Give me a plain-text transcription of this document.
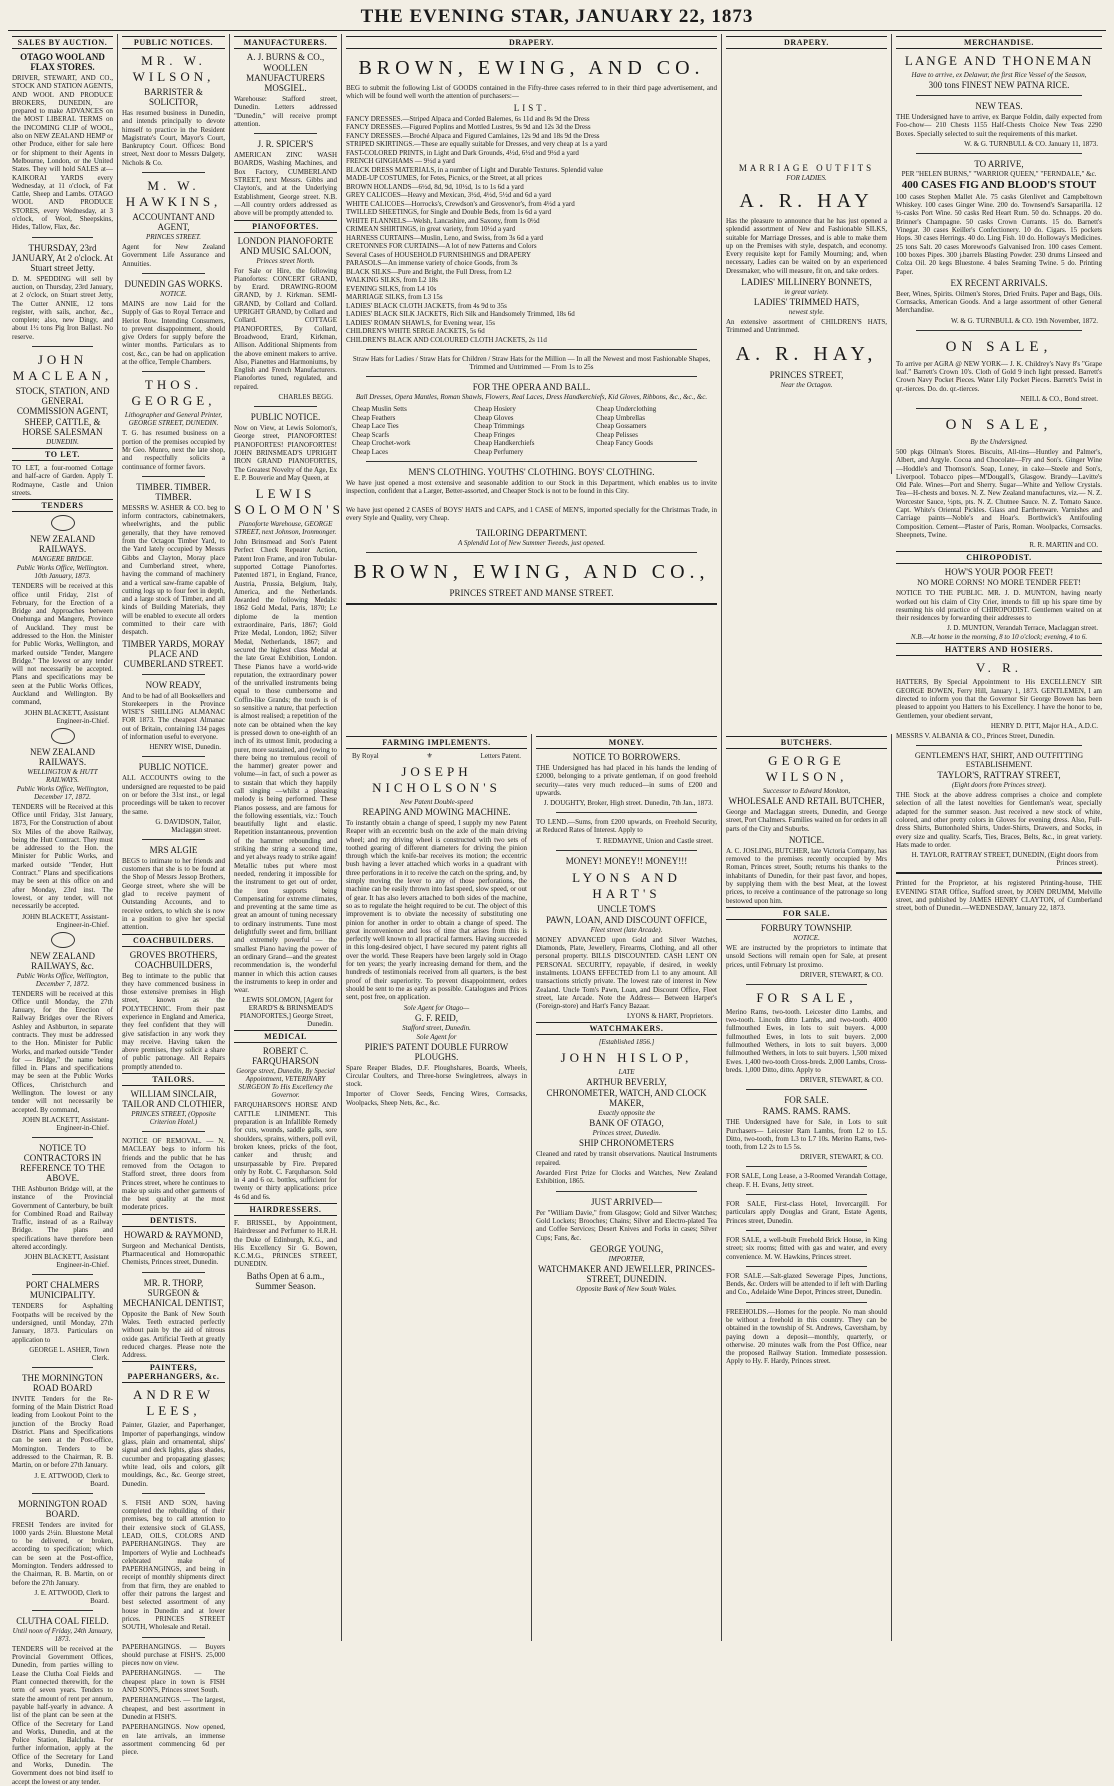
THE EVENING STAR, JANUARY 22, 1873
SALES BY AUCTION.
OTAGO WOOL AND FLAX STORES.
DRIVER, STEWART, AND CO., STOCK AND STATION AGENTS, AND WOOL AND PRODUCE BROKERS, DUNEDIN, are prepared to make ADVANCES on the MOST LIBERAL TERMS on the INCOMING CLIP of WOOL, also on NEW ZEALAND HEMP or other Produce, either for sale here or for shipment to their Agents in Melbourne, London, or the United States. They will hold SALES at— KAIKORAI YARDS every Wednesday, at 11 o'clock, of Fat Cattle, Sheep and Lambs. OTAGO WOOL AND PRODUCE STORES, every Wednesday, at 3 o'clock, of Wool, Sheepskins, Hides, Tallow, Flax, &c.
THURSDAY, 23rd JANUARY, At 2 o'clock. At Stuart street Jetty.
D. M. SPEDDING will sell by auction, on Thursday, 23rd January, at 2 o'clock, on Stuart street Jetty, The Cutter ANNIE, 12 tons register, with sails, anchor, &c., complete; also, new Dingy, and about 1½ tons Pig Iron Ballast. No reserve.
JOHN MACLEAN,
STOCK, STATION, AND GENERAL COMMISSION AGENT,
SHEEP, CATTLE, & HORSE SALESMAN
DUNEDIN.
TO LET.
TO LET, a four-roomed Cottage and half-acre of Garden. Apply T. Rodmayne, Castle and Union streets.
TENDERS
NEW ZEALAND RAILWAYS.
MANGERE BRIDGE.
Public Works Office, Wellington. 10th January, 1873.
TENDERS will be received at this office until Friday, 21st of February, for the Erection of a Bridge and Approaches between Onehunga and Mangere, Province of Auckland. They must be addressed to the Hon. the Minister for Public Works, Wellington, and marked outside "Tender, Mangere Bridge." The lowest or any tender will not necessarily be accepted. Plans and specifications may be seen at the Public Works Offices, Auckland and Wellington. By command,
JOHN BLACKETT, Assistant Engineer-in-Chief.
NEW ZEALAND RAILWAYS.
WELLINGTON & HUTT RAILWAYS.
Public Works Office, Wellington, December 17, 1872.
TENDERS will be Received at this Office until Friday, 31st January, 1873, For the Construction of about Six Miles of the above Railway, being the Hutt Contract. They must be addressed to the Hon. the Minister for Public Works, and marked outside "Tender, Hutt Contract." Plans and specifications may be seen at this office on and after Monday, 23rd inst. The lowest, or any tender, will not necessarily be accepted.
JOHN BLACKETT, Assistant-Engineer-in-Chief.
NEW ZEALAND RAILWAYS, &c.
Public Works Office, Wellington, December 7, 1872.
TENDERS will be received at this Office until Monday, the 27th January, for the Erection of Railway Bridges over the Rivers Ashley and Ashburton, in separate contracts. They must be addressed to the Hon. Minister for Public Works, and marked outside "Tender for — Bridge," the name being filled in. Plans and specifications may be seen at the Public Works Offices, Christchurch and Wellington. The lowest or any tender will not necessarily be accepted. By command,
JOHN BLACKETT, Assistant-Engineer-in-Chief.
NOTICE TO CONTRACTORS IN REFERENCE TO THE ABOVE.
THE Ashburton Bridge will, at the instance of the Provincial Government of Canterbury, be built for Combined Road and Railway Traffic, instead of as a Railway Bridge. The plans and specifications have therefore been altered accordingly.
JOHN BLACKETT, Assistant Engineer-in-Chief.
PORT CHALMERS MUNICIPALITY.
TENDERS for Asphalting Footpaths will be received by the undersigned, until Monday, 27th January, 1873. Particulars on application to
GEORGE L. ASHER, Town Clerk.
THE MORNINGTON ROAD BOARD
INVITE Tenders for the Re-forming of the Main District Road leading from Lookout Point to the junction of the Brocky Road District. Plans and Specifications can be seen at the Post-office, Mornington. Tenders to be addressed to the Chairman, R. B. Martin, on or before 27th January.
J. E. ATTWOOD, Clerk to Board.
MORNINGTON ROAD BOARD.
FRESH Tenders are invited for 1000 yards 2½in. Bluestone Metal to be delivered, or broken, according to specification; which can be seen at the Post-office, Mornington. Tenders addressed to the Chairman, R. B. Martin, on or before the 27th January.
J. E. ATTWOOD, Clerk to Board.
CLUTHA COAL FIELD.
Until noon of Friday, 24th January, 1873.
TENDERS will be received at the Provincial Government Offices, Dunedin, from parties willing to Lease the Clutha Coal Fields and Plant connected therewith, for the term of seven years. Tenders to state the amount of rent per annum, payable half-yearly in advance. A list of the plant can be seen at the Office of the Secretary for Land and Works, Dunedin, and at the Police Station, Balclutha. For further information, apply at the Office of the Secretary for Land and Works, Dunedin. The Government does not bind itself to accept the lowest or any tender.
PUBLIC NOTICES.
MR. W. WILSON,
BARRISTER & SOLICITOR,
Has resumed business in Dunedin, and intends principally to devote himself to practice in the Resident Magistrate's Court, Mayor's Court, Bankruptcy Court. Offices: Bond street, Next door to Messrs Dalgety, Nichols & Co.
M. W. HAWKINS,
ACCOUNTANT AND AGENT,
PRINCES STREET.
Agent for New Zealand Government Life Assurance and Annuities.
DUNEDIN GAS WORKS.
NOTICE.
MAINS are now Laid for the Supply of Gas to Royal Terrace and Heriot Row. Intending Consumers, to prevent disappointment, should give Orders for supply before the winter months. Particulars as to cost, &c., can be had on application at the office, Temple Chambers.
THOS. GEORGE,
Lithographer and General Printer, GEORGE STREET, DUNEDIN.
T. G. has resumed business on a portion of the premises occupied by Mr Geo. Munro, next the late shop, and respectfully solicits a continuance of former favors.
TIMBER. TIMBER. TIMBER.
MESSRS W. ASHER & CO. beg to inform contractors, cabinetmakers, wheelwrights, and the public generally, that they have removed from the Octagon Timber Yard, to the Yard lately occupied by Messrs Gibbs and Clayton, Moray place and Cumberland street, where, having the command of machinery and a vertical saw-frame capable of cutting logs up to four feet in depth, and a large stock of Timber, and all kinds of Building Materials, they will be enabled to execute all orders committed to their care with despatch.
TIMBER YARDS, MORAY PLACE AND CUMBERLAND STREET.
NOW READY,
And to be had of all Booksellers and Storekeepers in the Province WISE'S SHILLING ALMANAC FOR 1873. The cheapest Almanac out of Britain, containing 134 pages of information useful to everyone.
HENRY WISE, Dunedin.
PUBLIC NOTICE.
ALL ACCOUNTS owing to the undersigned are requested to be paid on or before the 31st inst., or legal proceedings will be taken to recover the same.
G. DAVIDSON, Tailor, Maclaggan street.
MRS ALGIE
BEGS to intimate to her friends and customers that she is to be found at the Shop of Messrs Jessop Brothers, George street, where she will be glad to receive payment of Outstanding Accounts, and to receive orders, to which she is now in a position to give her special attention.
COACHBUILDERS.
GROVES BROTHERS, COACHBUILDERS,
Beg to intimate to the public that they have commenced business in those extensive premises in High street, known as the POLYTECHNIC. From their past experience in England and America, they feel confident that they will give satisfaction in any work they may receive. Having taken the above premises, they solicit a share of public patronage. All Repairs promptly attended to.
TAILORS.
WILLIAM SINCLAIR, TAILOR AND CLOTHIER,
PRINCES STREET, (Opposite Criterion Hotel.)
NOTICE OF REMOVAL. — N. MACLEAY begs to inform his friends and the public that he has removed from the Octagon to Stafford street, three doors from Princes street, where he continues to make up suits and other garments of the best quality at the most moderate prices.
DENTISTS.
HOWARD & RAYMOND,
Surgeon and Mechanical Dentists, Pharmaceutical and Homœopathic Chemists, Princes street, Dunedin.
MR. R. THORP, SURGEON & MECHANICAL DENTIST,
Opposite the Bank of New South Wales. Teeth extracted perfectly without pain by the aid of nitrous oxide gas. Artificial Teeth at greatly reduced charges. Please note the Address.
PAINTERS, PAPERHANGERS, &c.
ANDREW LEES,
Painter, Glazier, and Paperhanger, Importer of paperhangings, window glass, plain and ornamental, ships' signal and deck lights, glass shades, cucumber and propagating glasses; white lead, oils and colors, gilt mouldings, &c., &c. George street, Dunedin.
S. FISH AND SON, having completed the rebuilding of their premises, beg to call attention to their extensive stock of GLASS, LEAD, OILS, COLORS AND PAPERHANGINGS. They are Importers of Wylie and Lochhead's celebrated make of PAPERHANGINGS, and being in receipt of monthly shipments direct from that firm, they are enabled to offer their patrons the largest and best selected assortment of any house in Dunedin and at lower prices. PRINCES STREET SOUTH, Wholesale and Retail.
PAPERHANGINGS. — Buyers should purchase at FISH'S. 25,000 pieces now on view.
PAPERHANGINGS. — The cheapest place in town is FISH AND SON'S, Princes street South.
PAPERHANGINGS. — The largest, cheapest, and best assortment in Dunedin at FISH'S.
PAPERHANGINGS. Now opened, en late arrivals, an immense assortment commencing 6d per piece.
MANUFACTURERS.
A. J. BURNS & CO.,
WOOLLEN MANUFACTURERS MOSGIEL.
Warehouse: Stafford street, Dunedin. Letters addressed "Dunedin," will receive prompt attention.
J. R. SPICER'S
AMERICAN ZINC WASH BOARDS, Washing Machines, and Box Factory, CUMBERLAND STREET, next Messrs. Gibbs and Clayton's, and at the Underlying Establishment, George street. N.B.—All country orders addressed as above will be promptly attended to.
PIANOFORTES.
LONDON PIANOFORTE AND MUSIC SALOON,
Princes street North.
For Sale or Hire, the following Pianofortes: CONCERT GRAND, by Erard. DRAWING-ROOM GRAND, by J. Kirkman. SEMI-GRAND, by Collard and Collard. UPRIGHT GRAND, by Collard and Collard. COTTAGE PIANOFORTES, By Collard, Broadwood, Erard, Kirkman, Allison. Additional Shipments from the above eminent makers to arrive. Also, Pianettes and Harmoniums, by English and French Manufacturers. Pianofortes tuned, regulated, and repaired.
CHARLES BEGG.
PUBLIC NOTICE.
Now on View, at Lewis Solomon's, George street, PIANOFORTES! PIANOFORTES! PIANOFORTES! JOHN BRINSMEAD'S UPRIGHT IRON GRAND PIANOFORTES, The Greatest Novelty of the Age, Ex E. P. Bouverie and May Queen, at
LEWIS SOLOMON'S
Pianoforte Warehouse, GEORGE STREET, next Johnson, Ironmonger.
John Brinsmead and Son's Patent Perfect Check Repeater Action, Patent Iron Frame, and iron Tubular-supported Cottage Pianofortes. Patented 1871, in England, France, Austria, Prussia, Belgium, Italy, America, and the Netherlands. Awarded the following Medals: 1862 Gold Medal, Paris, 1870; Le diplome de la mention extraordinaire, Paris, 1867; Gold Prize Medal, London, 1862; Silver Medal, Netherlands, 1867; and secured the highest class Medal at the late Great Exhibition, London. These Pianos have a world-wide reputation, the extraordinary power of the unrivalled instruments being equal to those cumbersome and Coffin-like Grands; the touch is of so sensitive a nature, that perfection is almost realised; a repetition of the note can be obtained when the key is pressed down to one-eighth of an inch of its utmost limit, producing a purer, more sustained, and (owing to there being no tremulous recoil of the hammer) greater power and volume—in fact, of such a power as to sustain that which they happily call singing —whilst a pleasing melody is being performed. These Pianos possess, and are famous for the following essentials, viz.: Touch beautifully light and elastic. Repetition instantaneous, prevention of the hammer rebounding and striking the string a second time, and yet always ready to strike again! Metallic tubes put where most needed, rendering it impossible for the instrument to get out of order, the iron supports being Compensating for extreme climates, and preventing at the same time as great an amount of tuning necessary to ordinary instruments. Tune most delightfully sweet and firm, brilliant and extremely powerful — the smallest Piano having the power of an ordinary Grand—and the greatest recommendation is, the wonderful manner in which this action causes the instruments to keep in order and wear.
LEWIS SOLOMON, [Agent for ERARD'S & BRINSMEAD'S PIANOFORTES,] George Street, Dunedin.
MEDICAL
ROBERT C. FARQUHARSON
George street, Dunedin, By Special Appointment, VETERINARY SURGEON To His Excellency the Governor.
FARQUHARSON'S HORSE AND CATTLE LINIMENT. This preparation is an Infallible Remedy for cuts, wounds, saddle galls, sore shoulders, sprains, withers, poll evil, broken knees, pricks of the foot, canker and thrush; and unsurpassable by Fire. Prepared only by Robt. C. Farquharson. Sold in 4 and 6 oz. bottles, sufficient for twenty or thirty applications: price 4s 6d and 6s.
HAIRDRESSERS.
F. BRISSEL, by Appointment, Hairdresser and Perfumer to H.R.H. the Duke of Edinburgh, K.G., and His Excellency Sir G. Bowen, K.C.M.G., PRINCES STREET, DUNEDIN.
Baths Open at 6 a.m., Summer Season.
DRAPERY.
BROWN, EWING, AND CO.
BEG to submit the following List of GOODS contained in the Fifty-three cases referred to in their third page advertisement, and which will be found well worth the attention of purchasers:—
LIST.
FANCY DRESSES.—Striped Alpaca and Corded Balernes, 6s 11d and 8s 9d the Dress
FANCY DRESSES.—Figured Poplins and Mottled Lustres, 9s 9d and 12s 3d the Dress
FANCY DRESSES.—Broché Alpaca and Figured Camlaines, 12s 9d and 18s 9d the Dress
STRIPED SKIRTINGS.—These are equally suitable for Dresses, and very cheap at 1s a yard
FAST-COLORED PRINTS, in Light and Dark Grounds, 4½d, 6½d and 9½d a yard
FRENCH GINGHAMS — 9½d a yard
BLACK DRESS MATERIALS, in a number of Light and Durable Textures. Splendid value
MADE-UP COSTUMES, for Fetes, Picnics, or the Street, at all prices
BROWN HOLLANDS—6½d, 8d, 9d, 10½d, 1s to 1s 6d a yard
GREY CALICOES—Heavy and Mexican, 3½d, 4½d, 5½d and 6d a yard
WHITE CALICOES—Horrocks's, Crewdson's and Grosvenor's, from 4½d a yard
TWILLED SHEETINGS, for Single and Double Beds, from 1s 6d a yard
WHITE FLANNELS—Welsh, Lancashire, and Saxony, from 1s 0½d
CRIMEAN SHIRTINGS, in great variety, from 10½d a yard
HARNESS CURTAINS—Muslin, Leno, and Swiss, from 3s 6d a yard
CRETONNES FOR CURTAINS—A lot of new Patterns and Colors
Several Cases of HOUSEHOLD FURNISHINGS and DRAPERY
PARASOLS—An immense variety of choice Goods, from 3s
BLACK SILKS—Pure and Bright, the Full Dress, from L2
WALKING SILKS, from L2 18s
EVENING SILKS, from L4 10s
MARRIAGE SILKS, from L3 15s
LADIES' BLACK CLOTH JACKETS, from 4s 9d to 35s
LADIES' BLACK SILK JACKETS, Rich Silk and Handsomely Trimmed, 18s 6d
LADIES' ROMAN SHAWLS, for Evening wear, 15s
CHILDREN'S WHITE SERGE JACKETS, 5s 6d
CHILDREN'S BLACK AND COLOURED CLOTH JACKETS, 2s 11d
Straw Hats for Ladies / Straw Hats for Children / Straw Hats for the Million — In all the Newest and most Fashionable Shapes, Trimmed and Untrimmed — From 1s to 25s
FOR THE OPERA AND BALL.
Ball Dresses, Opera Mantles, Roman Shawls, Flowers, Real Laces, Dress Handkerchiefs, Kid Gloves, Ribbons, &c., &c., &c.
Cheap Muslin Setts
Cheap Feathers
Cheap Lace Ties
Cheap Scarfs
Cheap Crochet-work
Cheap Laces
Cheap Hosiery
Cheap Gloves
Cheap Trimmings
Cheap Fringes
Cheap Handkerchiefs
Cheap Perfumery
Cheap Underclothing
Cheap Umbrellas
Cheap Gossamers
Cheap Pelisses
Cheap Fancy Goods
MEN'S CLOTHING. YOUTHS' CLOTHING. BOYS' CLOTHING.
We have just opened a most extensive and seasonable addition to our Stock in this Department, which enables us to invite inspection, confident that a Larger, Better-assorted, and Cheaper Stock is not to be found in this City.
We have just opened 2 CASES of BOYS' HATS and CAPS, and 1 CASE of MEN'S, imported specially for the Christmas Trade, in every Style and Quality, very Cheap.
TAILORING DEPARTMENT.
A Splendid Lot of New Summer Tweeds, just opened.
BROWN, EWING, AND CO.,
PRINCES STREET AND MANSE STREET.
DRAPERY.
MARRIAGE OUTFITS
FOR LADIES.
A. R. HAY
Has the pleasure to announce that he has just opened a splendid assortment of New and Fashionable SILKS, suitable for Marriage Dresses, and is able to make them up on the Premises with style, despatch, and economy. Every requisite kept for Family Mourning; and, when necessary, Ladies can be waited on by an experienced Dressmaker, who will measure, fit on, and take orders.
LADIES' MILLINERY BONNETS,
in great variety.
LADIES' TRIMMED HATS,
newest style.
An extensive assortment of CHILDREN'S HATS, Trimmed and Untrimmed.
A. R. HAY,
PRINCES STREET,
Near the Octagon.
FARMING IMPLEMENTS.
By Royal	⚜	Letters Patent.
JOSEPH NICHOLSON'S
New Patent Double-speed
REAPING AND MOWING MACHINE.
To instantly obtain a change of speed, I supply my new Patent Reaper with an eccentric bush on the axle of the main driving wheel; and my driving wheel is constructed with two sets of toothed gearing of different diameters for driving the pinion through which the knife-bar receives its motion; the eccentric bush having a lever attached which works in a quadrant with three perforations in it to receive the catch on the spring, and, by simply moving the lever to any of those perforations, the machine can be easily thrown into fast speed, slow speed, or out of gear. It has also levers attached to both sides of the machine, so as to regulate the height required to be cut. The object of this improvement is to obviate the necessity of substituting one pinion for another in order to obtain a change of speed. The great inconvenience and loss of time that arises from this is perfectly well known to all practical farmers. Having succeeded in this long-desired object, I have secured my patent rights all over the world. These Reapers have been largely sold in Otago for ten years; the yearly increasing demand for them, and the hundreds of testimonials received from all quarters, is the best proof of their superiority. To prevent disappointment, orders should be sent to me as early as possible. Catalogues and Prices sent, post free, on application.
Sole Agent for Otago—
G. F. REID,
Stafford street, Dunedin.
Sole Agent for
PIRIE'S PATENT DOUBLE FURROW PLOUGHS.
Spare Reaper Blades, D.F. Ploughshares, Boards, Wheels, Circular Coulters, and Three-horse Swingletrees, always in stock.
Importer of Clover Seeds, Fencing Wires, Cornsacks, Woolpacks, Sheep Nets, &c., &c.
MONEY.
NOTICE TO BORROWERS.
THE Undersigned has had placed in his hands the lending of £2000, belonging to a private gentleman, if on good freehold security—rates very much reduced—in sums of £200 and upwards.
J. DOUGHTY, Broker, High street. Dunedin, 7th Jan., 1873.
TO LEND.—Sums, from £200 upwards, on Freehold Security, at Reduced Rates of Interest. Apply to
T. REDMAYNE, Union and Castle street.
MONEY! MONEY!! MONEY!!!
LYONS AND HART'S
UNCLE TOM'S
PAWN, LOAN, AND DISCOUNT OFFICE,
Fleet street (late Arcade).
MONEY ADVANCED upon Gold and Silver Watches, Diamonds, Plate, Jewellery, Firearms, Clothing, and all other personal property. BILLS DISCOUNTED. CASH LENT ON PERSONAL SECURITY, repayable, if desired, in weekly instalments. LOANS EFFECTED from L1 to any amount. All transactions strictly private. The lowest rate of interest in New Zealand. Uncle Tom's Pawn, Loan, and Discount Office, Fleet street, late Arcade. Note the Address— Between Harper's (Foreign-store) and Hart's Fancy Bazaar.
LYONS & HART, Proprietors.
WATCHMAKERS.
[Established 1856.]
JOHN HISLOP,
LATE
ARTHUR BEVERLY,
CHRONOMETER, WATCH, AND CLOCK MAKER,
Exactly opposite the
BANK OF OTAGO,
Princes street, Dunedin.
SHIP CHRONOMETERS
Cleaned and rated by transit observations. Nautical Instruments repaired.
Awarded First Prize for Clocks and Watches, New Zealand Exhibition, 1865.
JUST ARRIVED—
Per "William Davie," from Glasgow; Gold and Silver Watches; Gold Lockets; Brooches; Chains; Silver and Electro-plated Tea and Coffee Services; Desert Knives and Forks in cases; Silver Cups; Fans, &c.
GEORGE YOUNG,
IMPORTER,
WATCHMAKER AND JEWELLER, PRINCES-STREET, DUNEDIN.
Opposite Bank of New South Wales.
BUTCHERS.
GEORGE WILSON,
Successor to Edward Monkton,
WHOLESALE AND RETAIL BUTCHER,
George and Maclaggan streets, Dunedin, and George street, Port Chalmers. Families waited on for orders in all parts of the City and Suburbs.
NOTICE.
A. C. JOSLING, BUTCHER, late Victoria Company, has removed to the premises recently occupied by Mrs Roman, Princes street, South; returns his thanks to the inhabitants of Dunedin, for their past favor, and hopes, by supplying them with the best Meat, at the lowest prices, to receive a continuance of the patronage so long bestowed upon him.
FOR SALE.
FORBURY TOWNSHIP.
NOTICE.
WE are instructed by the proprietors to intimate that unsold Sections will remain open for Sale, at present prices, until February 1st proximo.
DRIVER, STEWART, & CO.
FOR SALE,
Merino Rams, two-tooth. Leicester ditto Lambs, and two-tooth. Lincoln ditto Lambs, and two-tooth. 4000 fullmouthed Ewes, in lots to suit buyers. 4,000 fullmouthed Ewes, in lots to suit buyers. 2,000 fullmouthed Wethers, in lots to suit buyers. 3,000 fullmouthed Wethers, in lots to suit buyers. 1,500 mixed Ewes. 1,400 two-tooth Cross-breds. 2,000 Lambs, Cross-breds. 1,000 Ditto, ditto. Apply to
DRIVER, STEWART, & CO.
FOR SALE.
RAMS. RAMS. RAMS.
THE Undersigned have for Sale, in Lots to suit Purchasers— Leicester Ram Lambs, from L2 to L5. Ditto, two-tooth, from L3 to L7 10s. Merino Rams, two-tooth, from L2 2s to L5 5s.
DRIVER, STEWART, & CO.
FOR SALE, Long Lease, a 3-Roomed Verandah Cottage, cheap. F. H. Evans, Jetty street.
FOR SALE, First-class Hotel, Invercargill. For particulars apply Douglas and Grant, Estate Agents, Princes street, Dunedin.
FOR SALE, a well-built Freehold Brick House, in King street; six rooms; fitted with gas and water, and every convenience. M. W. Hawkins, Princes street.
FOR SALE.—Salt-glazed Sewerage Pipes, Junctions, Bends, &c. Orders will be attended to if left with Darling and Co., Adelaide Wine Depot, Princes street, Dunedin.
FREEHOLDS.—Homes for the people. No man should be without a freehold in this country. They can be obtained in the township of St. Andrews, Caversham, by paying down a deposit—monthly, quarterly, or otherwise. 20 minutes walk from the Post Office, near the proposed Railway Station. Immediate possession. Apply to Hy. F. Hardy, Princes street.
MERCHANDISE.
LANGE AND THONEMAN
Have to arrive, ex Delawur, the first Rice Vessel of the Season,
300 tons FINEST NEW PATNA RICE.
NEW TEAS.
THE Undersigned have to arrive, ex Barque Foldin, daily expected from Foo-chow— 210 Chests 1155 Half-Chests Choice New Teas 2290 Boxes. Specially selected to suit the requirements of this market.
W. & G. TURNBULL & CO. January 11, 1873.
TO ARRIVE,
PER "HELEN BURNS," "WARRIOR QUEEN," "FERNDALE," &c.
400 CASES FIG AND BLOOD'S STOUT
100 cases Stephen Mallet Ale. 75 casks Glenlivet and Campbeltown Whiskey. 100 cases Ginger Wine. 200 do. Townsend's Sarsaparilla. 12 ½-casks Port Wine. 50 casks Red Heart Rum. 50 do. Schnapps. 20 do. Brinner's Champagne. 50 casks Crown Currants. 15 do. Barnett's Vinegar. 30 cases Keiller's Confectionery. 10 do. Cigars. 15 pockets Hops. 30 cases Herrings. 40 do. Ling Fish. 10 do. Holloway's Medicines. 25 tons Salt. 20 cases Morewood's Galvanised Iron. 100 cases Cement. 100 boxes Pipes. 300 j.barrels Blasting Powder. 230 drums Linseed and Colza Oil. 20 kegs Bluestone. 4 bales Seaming Twine. 5 do. Printing Paper.
EX RECENT ARRIVALS.
Beer, Wines, Spirits. Oilmen's Stores, Dried Fruits. Paper and Bags, Oils. Cornsacks, American Goods. And a large assortment of other General Merchandise.
W. & G. TURNBULL & CO. 19th November, 1872.
ON SALE,
To arrive per AGRA @ NEW YORK— J. K. Childrey's Navy 8's "Grape leaf." Barrett's Crown 10's. Cloth of Gold 9 inch light pressed. Barrett's Crown Navy Pocket Pieces. Water Lily Pocket Pieces. Barrett's Twist in qr.-tierces. Do. do. qr.-tierces.
NEILL & CO., Bond street.
ON SALE,
By the Undersigned.
500 pkgs Oilman's Stores. Biscuits, All-tins—Huntley and Palmer's, Albert, and Argyle. Cocoa and Chocolate—Fry and Son's. Ginger Wine—Hoddle's and Thomson's. Soap, Loney, in cake—Steele and Son's, Liverpool. Tobacco pipes—M'Dougall's, Glasgow. Brandy—Lavitte's Old Pale. Wines—Port and Sherry. Sugar—White and Yellow Crystals. Tea—H-chests and boxes. N. Z. New Zealand manufactures, viz.— N. Z. Worcester Sauce, ½pts, pts. N. Z. Chutnee Sauce. N. Z. Tomato Sauce. Capt. White's Oriental Pickles. Glass and Earthenware. Varnishes and Carriage paints—Noble's and Hoar's. Borthwick's Antifouling Composition. Cement—Plaster of Paris, Roman. Woolpacks, Cornsacks. Sheepnets, Twine.
R. R. MARTIN and CO.
CHIROPODIST.
HOW'S YOUR POOR FEET!
NO MORE CORNS! NO MORE TENDER FEET!
NOTICE TO THE PUBLIC. MR. J. D. MUNTON, having nearly worked out his claim of City Crier, intends to fill up his spare time by resuming his old practice of CHIROPODIST. Gentlemen waited on at their residences by forwarding their addresses to
J. D. MUNTON, Verandah Terrace, Maclaggan street.
N.B.—At home in the morning, 8 to 10 o'clock; evening, 4 to 6.
HATTERS AND HOSIERS.
V. R.
HATTERS, By Special Appointment to His EXCELLENCY SIR GEORGE BOWEN, Ferry Hill, January 1, 1873. GENTLEMEN, I am directed to inform you that the Governor Sir George Bowen has been pleased to appoint you Hatters to his Excellency. I have the honor to be, Gentlemen, your obedient servant,
HENRY D. PITT, Major H.A., A.D.C.
MESSRS V. ALBANIA & CO., Princes Street, Dunedin.
GENTLEMEN'S HAT, SHIRT, AND OUTFITTING ESTABLISHMENT.
TAYLOR'S, RATTRAY STREET,
(Eight doors from Princes street).
THE Stock at the above address comprises a choice and complete selection of all the latest novelties for Gentleman's wear, specially adapted for the summer season. Just received a new stock of white, colored, and other pretty colors in Gloves for evening dress. Also, Full-dress Shirts, Buttonholed Shirts, Under-Shirts, Drawers, and Socks, in every size and quality. Scarfs, Ties, Braces, Belts, &c., in great variety. Hats made to order.
H. TAYLOR, RATTRAY STREET, DUNEDIN, (Eight doors from Princes street).
Printed for the Proprietor, at his registered Printing-house, THE EVENING STAR Office, Stafford street, by JOHN DRUMM, Melville street, and published by JAMES HENRY CLAYTON, of Cumberland street, both of Dunedin.—WEDNESDAY, January 22, 1873.
